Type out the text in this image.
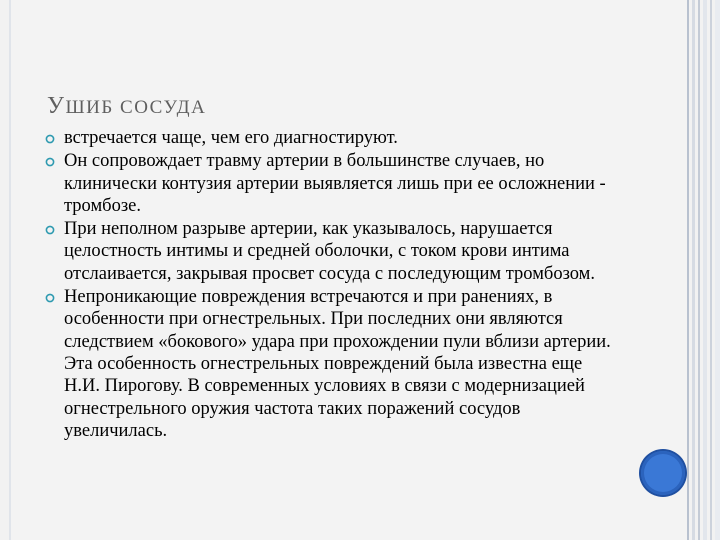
УШИБ СОСУДА
встречается чаще, чем его диагностируют.
Он сопровождает травму артерии в большинстве случаев, но клинически контузия артерии выявляется лишь при ее осложнении - тромбозе.
При неполном разрыве артерии, как указывалось, нарушается целостность интимы и средней оболочки, с током крови интима отслаивается, закрывая просвет сосуда с последующим тромбозом.
Непроникающие повреждения встречаются и при ранениях, в особенности при огнестрельных. При последних они являются следствием «бокового» удара при прохождении пули вблизи артерии. Эта особенность огнестрельных повреждений была известна еще Н.И. Пирогову. В современных условиях в связи с модернизацией огнестрельного оружия частота таких поражений сосудов увеличилась.
